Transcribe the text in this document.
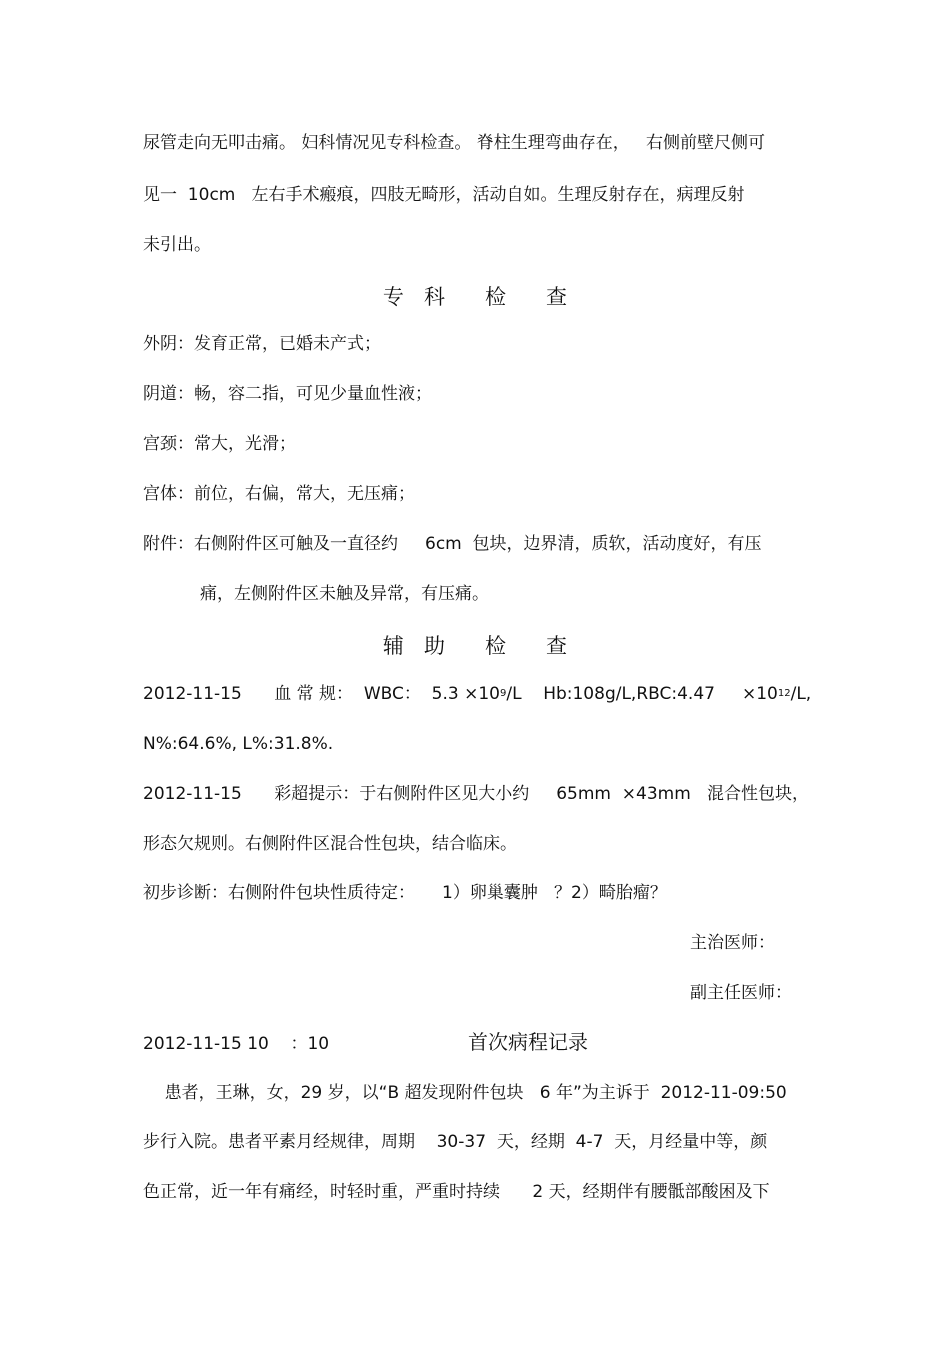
尿管走向无叩击痛。 妇科情况见专科检查。 脊柱生理弯曲存在，   右侧前壁尺侧可
见一  10cm   左右手术瘢痕，四肢无畸形，活动自如。生理反射存在，病理反射
未引出。
专   科      检      查
外阴：发育正常，已婚未产式；
阴道：畅，容二指，可见少量血性液；
宫颈：常大，光滑；
宫体：前位，右偏，常大，无压痛；
附件：右侧附件区可触及一直径约     6cm  包块，边界清，质软，活动度好，有压
痛，左侧附件区未触及异常，有压痛。
辅   助      检      查
2012-11-15      血 常 规：  WBC：  $5.3 \times 10^9/L$    Hb:108g/L,RBC:4.47     $\times 10^{12}/L$,
N%:64.6%, L%:31.8%.
2012-11-15      彩超提示：于右侧附件区见大小约     65mm  ×43mm   混合性包块，
形态欠规则。右侧附件区混合性包块，结合临床。
初步诊断：右侧附件包块性质待定：     1）卵巢囊肿   ？2）畸胎瘤？
主治医师：
副主任医师：
2012-11-15 10    ：10	首次病程记录
患者，王琳，女，29 岁，以“B 超发现附件包块   6 年”为主诉于  2012-11-09:50
步行入院。患者平素月经规律，周期    30-37  天，经期  4-7  天，月经量中等，颜
色正常，近一年有痛经，时轻时重，严重时持续      2 天，经期伴有腰骶部酸困及下
